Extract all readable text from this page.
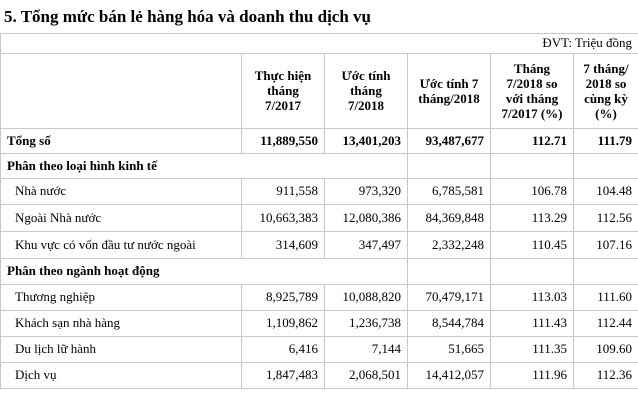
				ĐVT: Triệu đồng	
	Thực hiện tháng 7/2017	Ước tính tháng 7/2018	Ước tính 7 tháng/2018	Tháng 7/2018 so với tháng 7/2017 (%)	7 tháng/ 2018 so cùng kỳ (%)
Tổng số	11,889,550	13,401,203	93,487,677	112.71	111.79
Phân theo loại hình kinh tế					
Nhà nước	911,558	973,320	6,785,581	106.78	104.48
Ngoài Nhà nước	10,663,383	12,080,386	84,369,848	113.29	112.56
Khu vực có vốn đầu tư nước ngoài	314,609	347,497	2,332,248	110.45	107.16
Phân theo ngành hoạt động					
Thương nghiệp	8,925,789	10,088,820	70,479,171	113.03	111.60
Khách sạn nhà hàng	1,109,862	1,236,738	8,544,784	111.43	112.44
Du lịch lữ hành	6,416	7,144	51,665	111.35	109.60
Dịch vụ	1,847,483	2,068,501	14,412,057	111.96	112.36
5. Tổng mức bán lẻ hàng hóa và doanh thu dịch vụ
